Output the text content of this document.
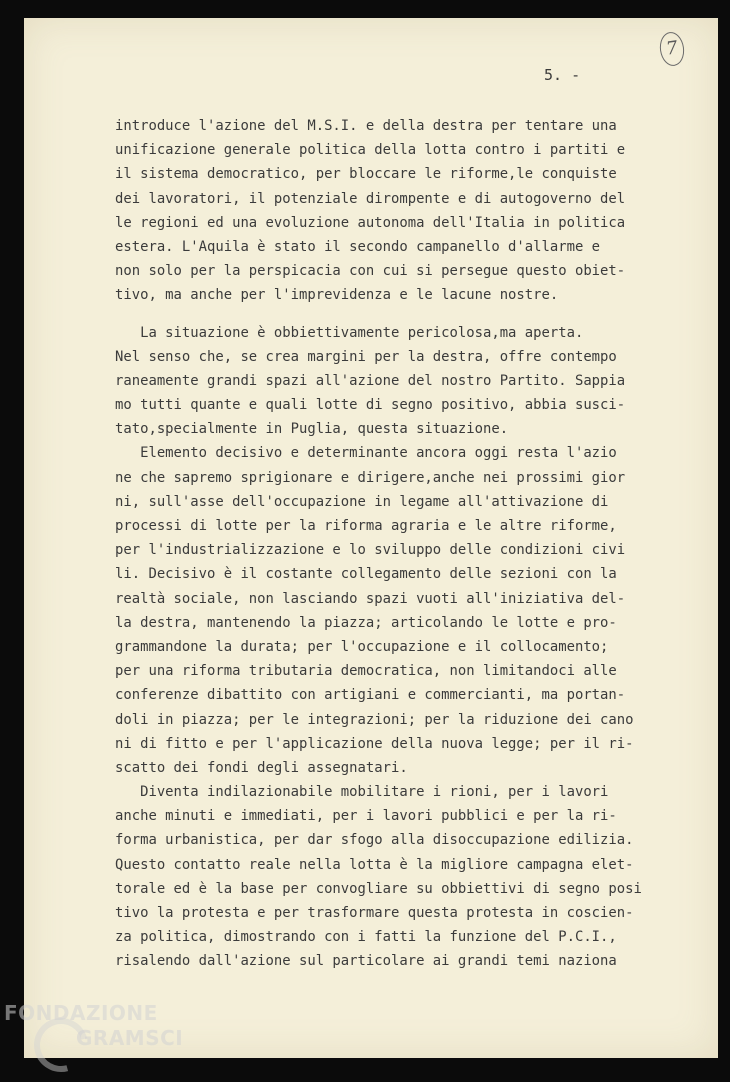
7
5. -
introduce l'azione del M.S.I. e della destra per tentare una
unificazione generale politica della lotta contro i partiti e
il sistema democratico, per bloccare le riforme,le conquiste
dei lavoratori, il potenziale dirompente e di autogoverno del
le regioni ed una evoluzione autonoma dell'Italia in politica
estera. L'Aquila è stato il secondo campanello d'allarme e
non solo per la perspicacia con cui si persegue questo obiet-
tivo, ma anche per l'imprevidenza e le lacune nostre.
La situazione è obbiettivamente pericolosa,ma aperta.
Nel senso che, se crea margini per la destra, offre contempo
raneamente grandi spazi all'azione del nostro Partito. Sappia
mo tutti quante e quali lotte di segno positivo, abbia susci-
tato,specialmente in Puglia, questa situazione.
Elemento decisivo e determinante ancora oggi resta l'azio
ne che sapremo sprigionare e dirigere,anche nei prossimi gior
ni, sull'asse dell'occupazione in legame all'attivazione di
processi di lotte per la riforma agraria e le altre riforme,
per l'industrializzazione e lo sviluppo delle condizioni civi
li. Decisivo è il costante collegamento delle sezioni con la
realtà sociale, non lasciando spazi vuoti all'iniziativa del-
la destra, mantenendo la piazza; articolando le lotte e pro-
grammandone la durata; per l'occupazione e il collocamento;
per una riforma tributaria democratica, non limitandoci alle
conferenze dibattito con artigiani e commercianti, ma portan-
doli in piazza; per le integrazioni; per la riduzione dei cano
ni di fitto e per l'applicazione della nuova legge; per il ri-
scatto dei fondi degli assegnatari.
Diventa indilazionabile mobilitare i rioni, per i lavori
anche minuti e immediati, per i lavori pubblici e per la ri-
forma urbanistica, per dar sfogo alla disoccupazione edilizia.
Questo contatto reale nella lotta è la migliore campagna elet-
torale ed è la base per convogliare su obbiettivi di segno posi
tivo la protesta e per trasformare questa protesta in coscien-
za politica, dimostrando con i fatti la funzione del P.C.I.,
risalendo dall'azione sul particolare ai grandi temi naziona
FONDAZIONE
GRAMSCI
